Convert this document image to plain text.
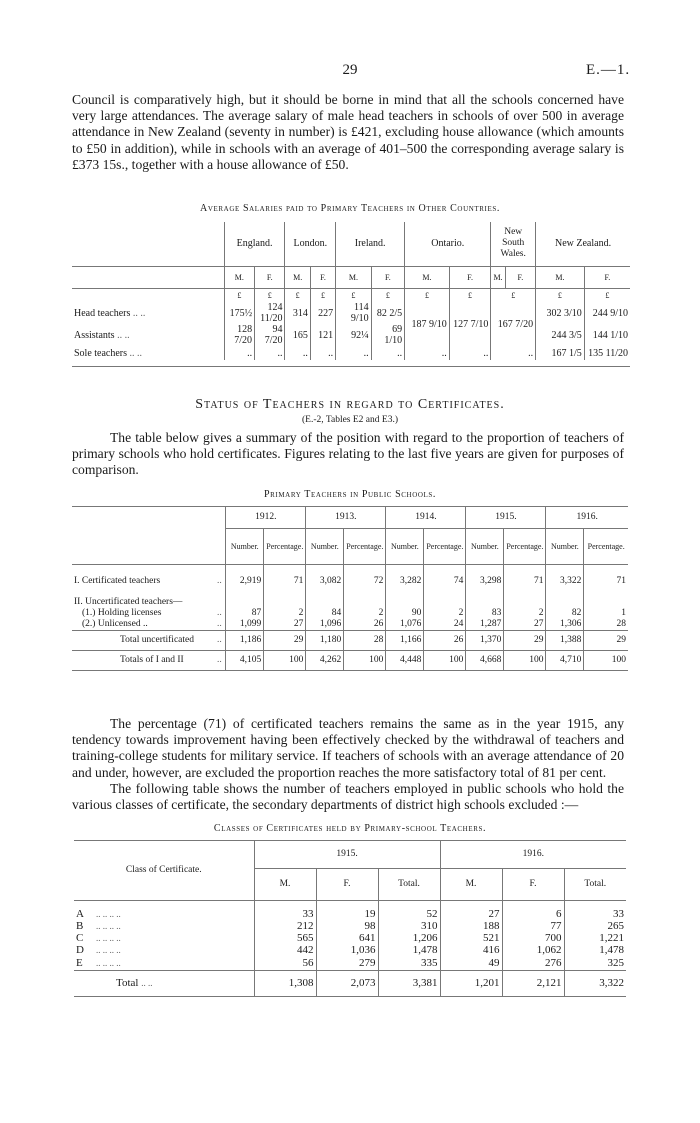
29	E.—1.

Council is comparatively high, but it should be borne in mind that all the schools concerned have very large attendances. The average salary of male head teachers in schools of over 500 in average attendance in New Zealand (seventy in number) is £421, excluding house allowance (which amounts to £50 in addition), while in schools with an average of 401–500 the corresponding average salary is £373 15s., together with a house allowance of £50.

Average Salaries paid to Primary Teachers in Other Countries.

	England.		London.		Ireland.		Ontario.		New South Wales.		New Zealand.	
	M.	F.	M.	F.	M.	F.	M.	F.	M.	F.	M.	F.
	£	£	£	£	£	£	£	£	£		£	£
Head teachers .. ..	175½	124 11/20	314	227	114 9/10	82 2/5	187 9/10	127 7/10	167 7/20		302 3/10	244 9/10
Assistants .. ..	128 7/20	94 7/20	165	121	92¼	69 1/10					244 3/5	144 1/10
Sole teachers .. ..	..	..	..	..	..	..	..	..	..		167 1/5	135 11/20

Status of Teachers in regard to Certificates.

(E.-2, Tables E2 and E3.)

The table below gives a summary of the position with regard to the proportion of teachers of primary schools who hold certificates. Figures relating to the last five years are given for purposes of comparison.

Primary Teachers in Public Schools.

		1912.		1913.		1914.		1915.		1916.	
		Number.	Percentage.	Number.	Percentage.	Number.	Percentage.	Number.	Percentage.	Number.	Percentage.

I. Certificated teachers	..	2,919	71	3,082	72	3,282	74	3,298	71	3,322	71

II. Uncertificated teachers—											
(1.) Holding licenses	..	87	2	84	2	90	2	83	2	82	1
(2.) Unlicensed ..	..	1,099	27	1,096	26	1,076	24	1,287	27	1,306	28
Total uncertificated	..	1,186	29	1,180	28	1,166	26	1,370	29	1,388	29
Totals of I and II	..	4,105	100	4,262	100	4,448	100	4,668	100	4,710	100

The percentage (71) of certificated teachers remains the same as in the year 1915, any tendency towards improvement having been effectively checked by the withdrawal of teachers and training-college students for military service. If teachers of schools with an average attendance of 20 and under, however, are excluded the proportion reaches the more satisfactory total of 81 per cent.

The following table shows the number of teachers employed in public schools who hold the various classes of certificate, the secondary departments of district high schools excluded :—

Classes of Certificates held by Primary-school Teachers.

Class of Certificate.		1915.			1916.		
		M.	F.	Total.	M.	F.	Total.

A	.. .. .. ..	33	19	52	27	6	33
B	.. .. .. ..	212	98	310	188	77	265
C	.. .. .. ..	565	641	1,206	521	700	1,221
D	.. .. .. ..	442	1,036	1,478	416	1,062	1,478
E	.. .. .. ..	56	279	335	49	276	325
Total .. ..		1,308	2,073	3,381	1,201	2,121	3,322
